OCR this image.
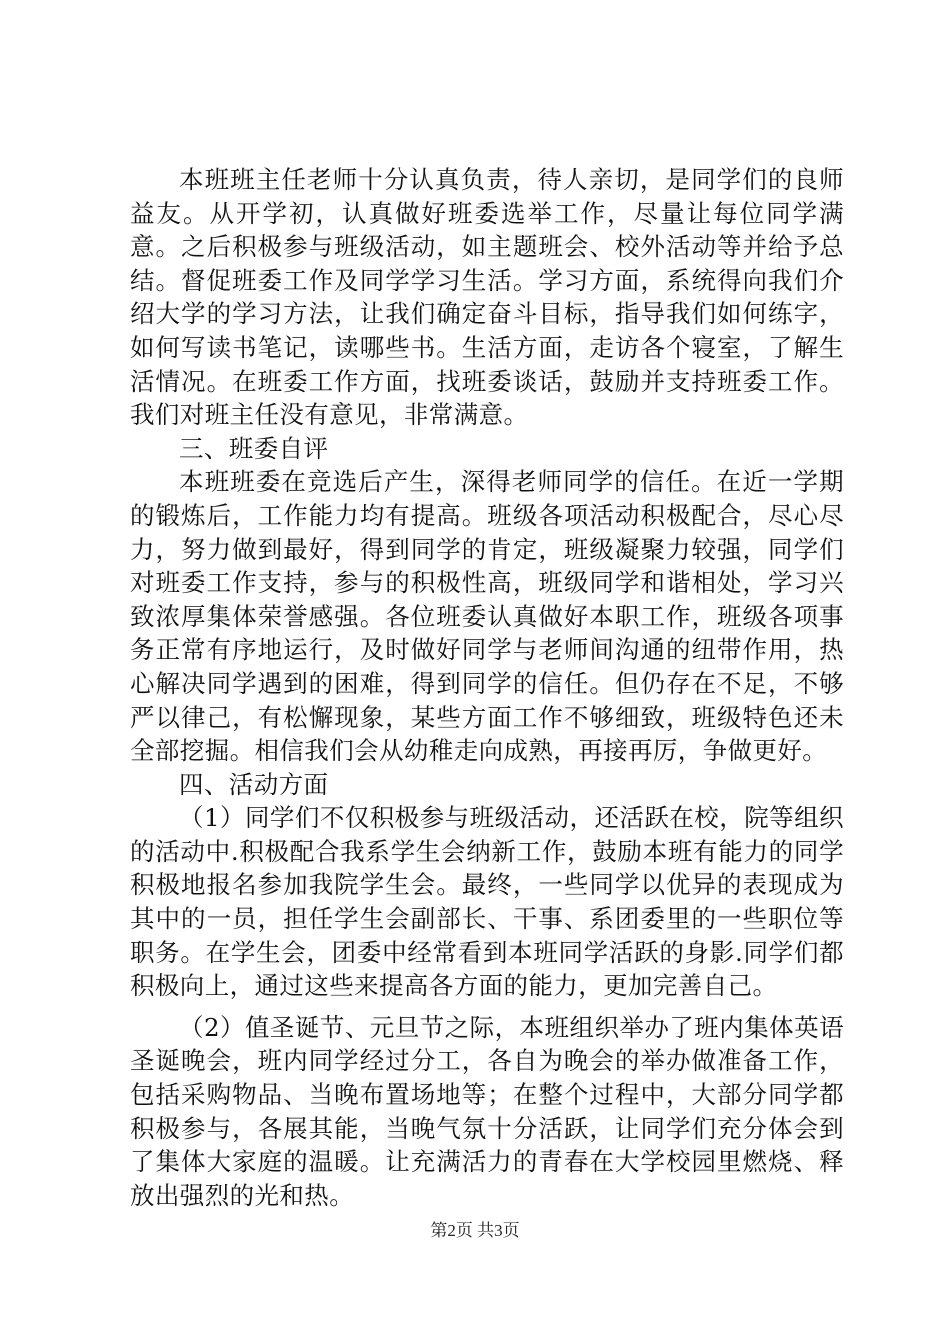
本班班主任老师十分认真负责，待人亲切，是同学们的良师益友。从开学初，认真做好班委选举工作，尽量让每位同学满意。之后积极参与班级活动，如主题班会、校外活动等并给予总结。督促班委工作及同学学习生活。学习方面，系统得向我们介绍大学的学习方法，让我们确定奋斗目标，指导我们如何练字，如何写读书笔记，读哪些书。生活方面，走访各个寝室，了解生活情况。在班委工作方面，找班委谈话，鼓励并支持班委工作。我们对班主任没有意见，非常满意。

三、班委自评

本班班委在竞选后产生，深得老师同学的信任。在近一学期的锻炼后，工作能力均有提高。班级各项活动积极配合，尽心尽力，努力做到最好，得到同学的肯定，班级凝聚力较强，同学们对班委工作支持，参与的积极性高，班级同学和谐相处，学习兴致浓厚集体荣誉感强。各位班委认真做好本职工作，班级各项事务正常有序地运行，及时做好同学与老师间沟通的纽带作用，热心解决同学遇到的困难，得到同学的信任。但仍存在不足，不够严以律己，有松懈现象，某些方面工作不够细致，班级特色还未全部挖掘。相信我们会从幼稚走向成熟，再接再厉，争做更好。

四、活动方面

（1）同学们不仅积极参与班级活动，还活跃在校，院等组织的活动中.积极配合我系学生会纳新工作，鼓励本班有能力的同学积极地报名参加我院学生会。最终，一些同学以优异的表现成为其中的一员，担任学生会副部长、干事、系团委里的一些职位等职务。在学生会，团委中经常看到本班同学活跃的身影.同学们都积极向上，通过这些来提高各方面的能力，更加完善自己。

（2）值圣诞节、元旦节之际，本班组织举办了班内集体英语圣诞晚会，班内同学经过分工，各自为晚会的举办做准备工作，包括采购物品、当晚布置场地等；在整个过程中，大部分同学都积极参与，各展其能，当晚气氛十分活跃，让同学们充分体会到了集体大家庭的温暖。让充满活力的青春在大学校园里燃烧、释放出强烈的光和热。

第2页 共3页
